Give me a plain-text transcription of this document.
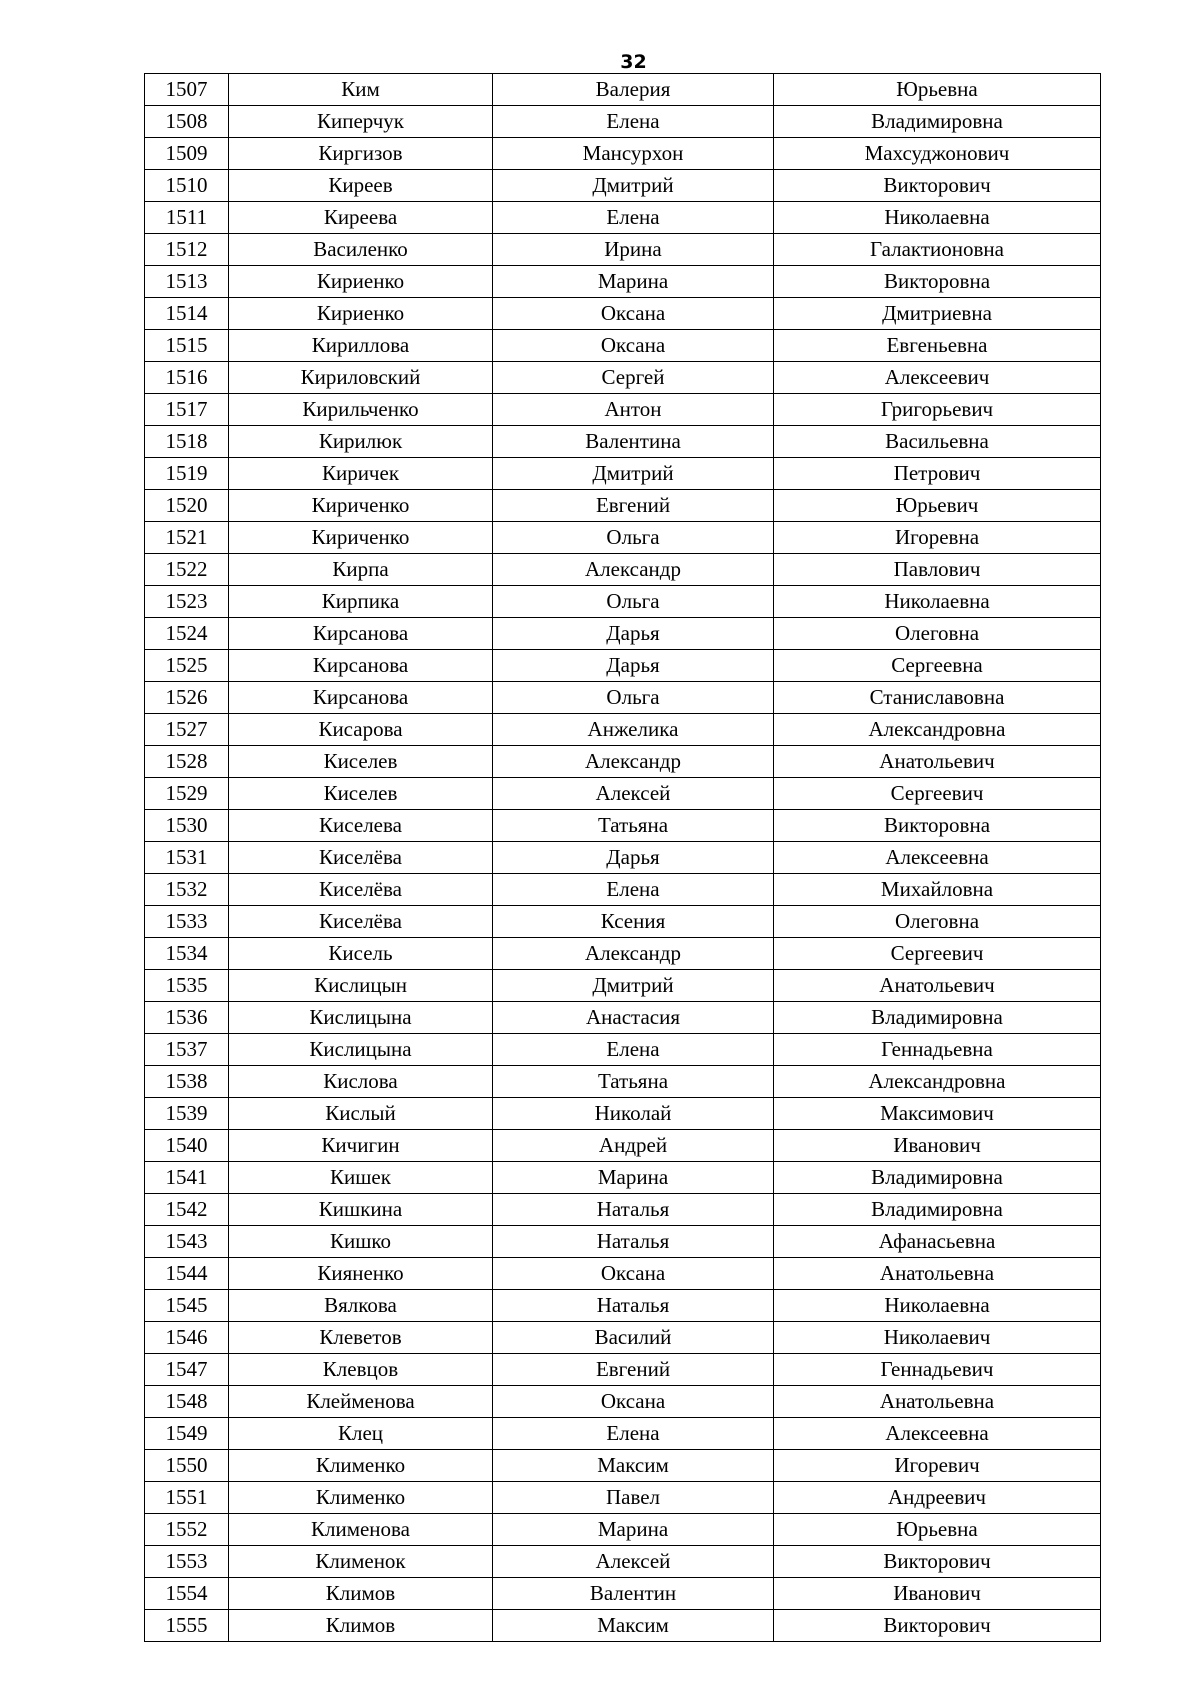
32
1507	Ким	Валерия	Юрьевна
1508	Киперчук	Елена	Владимировна
1509	Киргизов	Мансурхон	Махсуджонович
1510	Киреев	Дмитрий	Викторович
1511	Киреева	Елена	Николаевна
1512	Василенко	Ирина	Галактионовна
1513	Кириенко	Марина	Викторовна
1514	Кириенко	Оксана	Дмитриевна
1515	Кириллова	Оксана	Евгеньевна
1516	Кириловский	Сергей	Алексеевич
1517	Кирильченко	Антон	Григорьевич
1518	Кирилюк	Валентина	Васильевна
1519	Киричек	Дмитрий	Петрович
1520	Кириченко	Евгений	Юрьевич
1521	Кириченко	Ольга	Игоревна
1522	Кирпа	Александр	Павлович
1523	Кирпика	Ольга	Николаевна
1524	Кирсанова	Дарья	Олеговна
1525	Кирсанова	Дарья	Сергеевна
1526	Кирсанова	Ольга	Станиславовна
1527	Кисарова	Анжелика	Александровна
1528	Киселев	Александр	Анатольевич
1529	Киселев	Алексей	Сергеевич
1530	Киселева	Татьяна	Викторовна
1531	Киселёва	Дарья	Алексеевна
1532	Киселёва	Елена	Михайловна
1533	Киселёва	Ксения	Олеговна
1534	Кисель	Александр	Сергеевич
1535	Кислицын	Дмитрий	Анатольевич
1536	Кислицына	Анастасия	Владимировна
1537	Кислицына	Елена	Геннадьевна
1538	Кислова	Татьяна	Александровна
1539	Кислый	Николай	Максимович
1540	Кичигин	Андрей	Иванович
1541	Кишек	Марина	Владимировна
1542	Кишкина	Наталья	Владимировна
1543	Кишко	Наталья	Афанасьевна
1544	Кияненко	Оксана	Анатольевна
1545	Вялкова	Наталья	Николаевна
1546	Клеветов	Василий	Николаевич
1547	Клевцов	Евгений	Геннадьевич
1548	Клейменова	Оксана	Анатольевна
1549	Клец	Елена	Алексеевна
1550	Клименко	Максим	Игоревич
1551	Клименко	Павел	Андреевич
1552	Клименова	Марина	Юрьевна
1553	Клименок	Алексей	Викторович
1554	Климов	Валентин	Иванович
1555	Климов	Максим	Викторович
